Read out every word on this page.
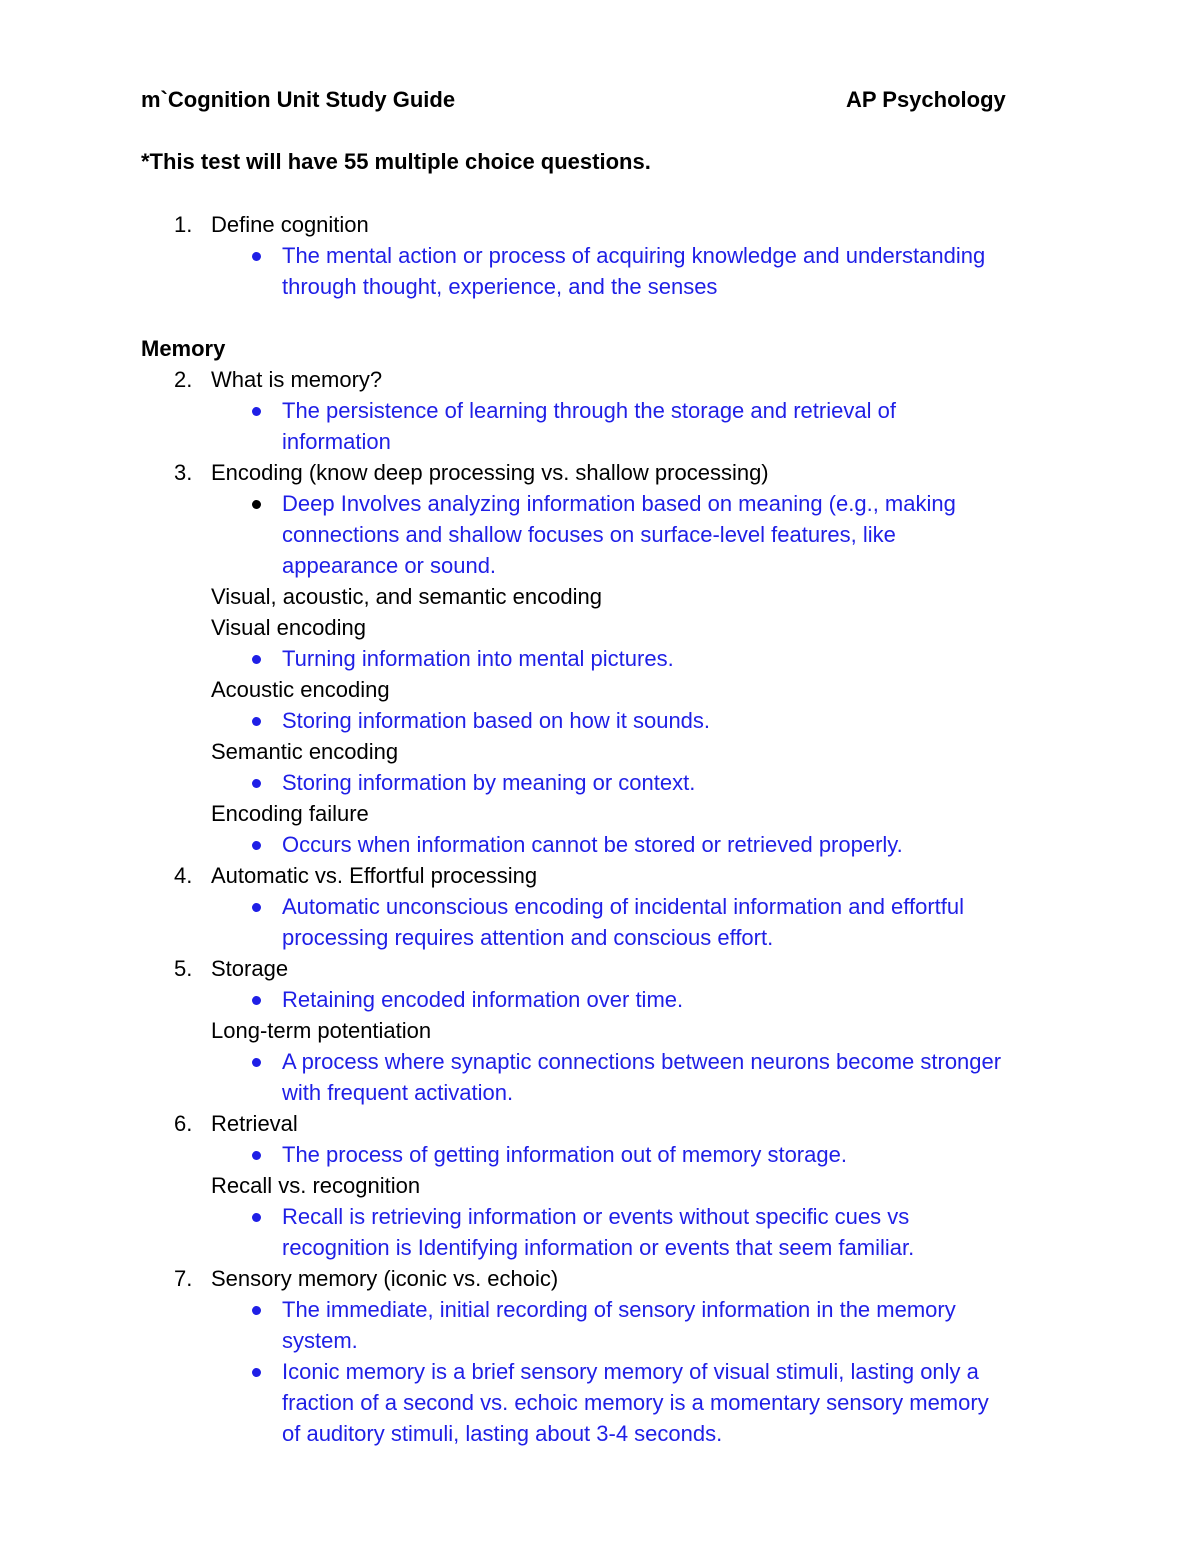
m`Cognition Unit Study Guide	AP Psychology
*This test will have 55 multiple choice questions.
1. Define cognition
The mental action or process of acquiring knowledge and understanding
through thought, experience, and the senses
Memory
2. What is memory?
The persistence of learning through the storage and retrieval of
information
3. Encoding (know deep processing vs. shallow processing)
Deep Involves analyzing information based on meaning (e.g., making
connections and shallow focuses on surface-level features, like
appearance or sound.
Visual, acoustic, and semantic encoding
Visual encoding
Turning information into mental pictures.
Acoustic encoding
Storing information based on how it sounds.
Semantic encoding
Storing information by meaning or context.
Encoding failure
Occurs when information cannot be stored or retrieved properly.
4. Automatic vs. Effortful processing
Automatic unconscious encoding of incidental information and effortful
processing requires attention and conscious effort.
5. Storage
Retaining encoded information over time.
Long-term potentiation
A process where synaptic connections between neurons become stronger
with frequent activation.
6. Retrieval
The process of getting information out of memory storage.
Recall vs. recognition
Recall is retrieving information or events without specific cues vs
recognition is Identifying information or events that seem familiar.
7. Sensory memory (iconic vs. echoic)
The immediate, initial recording of sensory information in the memory
system.
Iconic memory is a brief sensory memory of visual stimuli, lasting only a
fraction of a second vs. echoic memory is a momentary sensory memory
of auditory stimuli, lasting about 3-4 seconds.
